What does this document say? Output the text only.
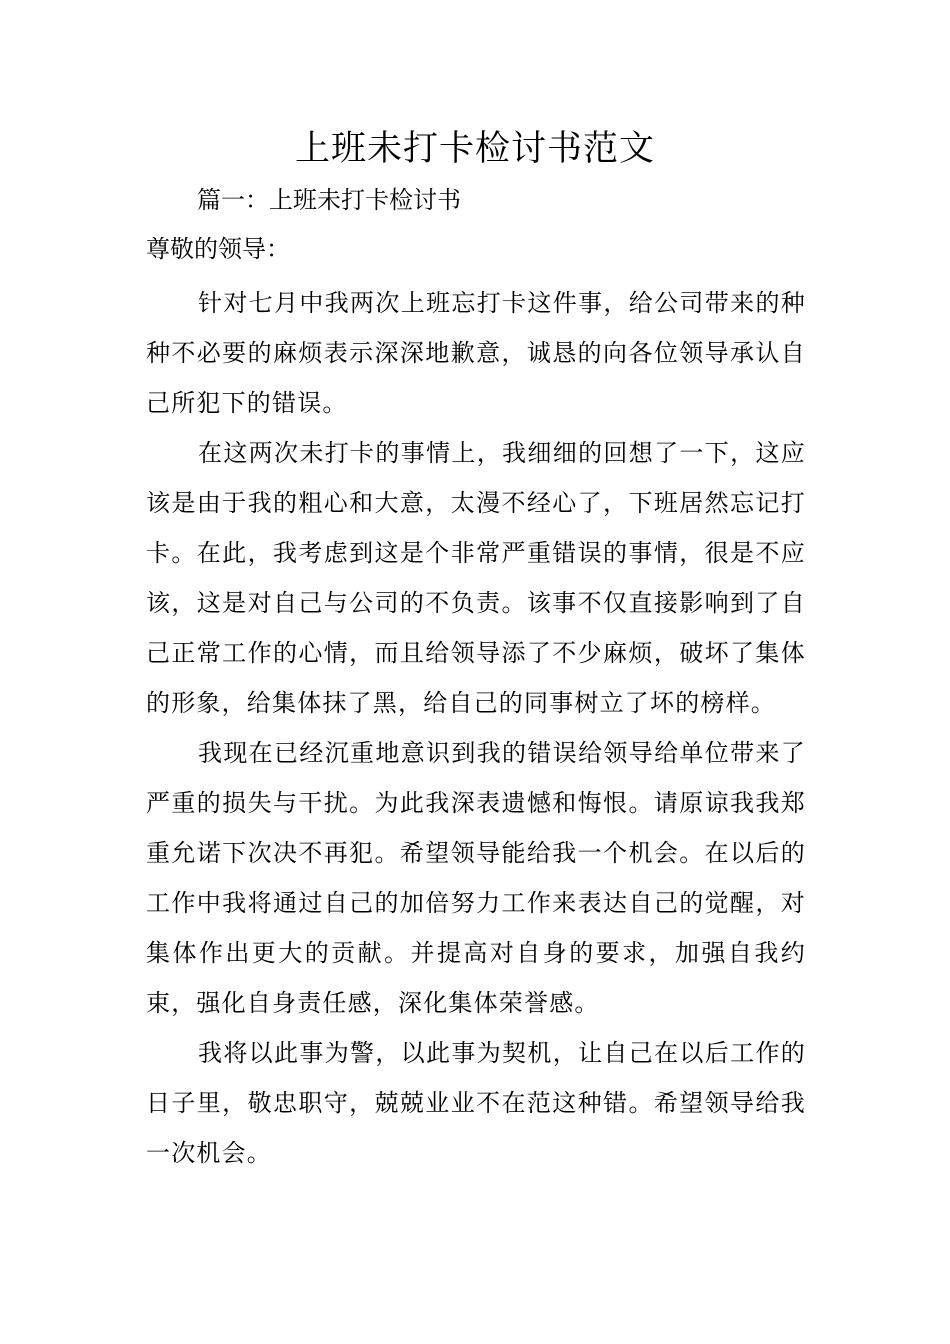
上班未打卡检讨书范文

篇一：上班未打卡检讨书

尊敬的领导：

针对七月中我两次上班忘打卡这件事，给公司带来的种种不必要的麻烦表示深深地歉意，诚恳的向各位领导承认自己所犯下的错误。

在这两次未打卡的事情上，我细细的回想了一下，这应该是由于我的粗心和大意，太漫不经心了，下班居然忘记打卡。在此，我考虑到这是个非常严重错误的事情，很是不应该，这是对自己与公司的不负责。该事不仅直接影响到了自己正常工作的心情，而且给领导添了不少麻烦，破坏了集体的形象，给集体抹了黑，给自己的同事树立了坏的榜样。

我现在已经沉重地意识到我的错误给领导给单位带来了严重的损失与干扰。为此我深表遗憾和悔恨。请原谅我我郑重允诺下次决不再犯。希望领导能给我一个机会。在以后的工作中我将通过自己的加倍努力工作来表达自己的觉醒，对集体作出更大的贡献。并提高对自身的要求，加强自我约束，强化自身责任感，深化集体荣誉感。

我将以此事为警，以此事为契机，让自己在以后工作的日子里，敬忠职守，兢兢业业不在范这种错。希望领导给我一次机会。
